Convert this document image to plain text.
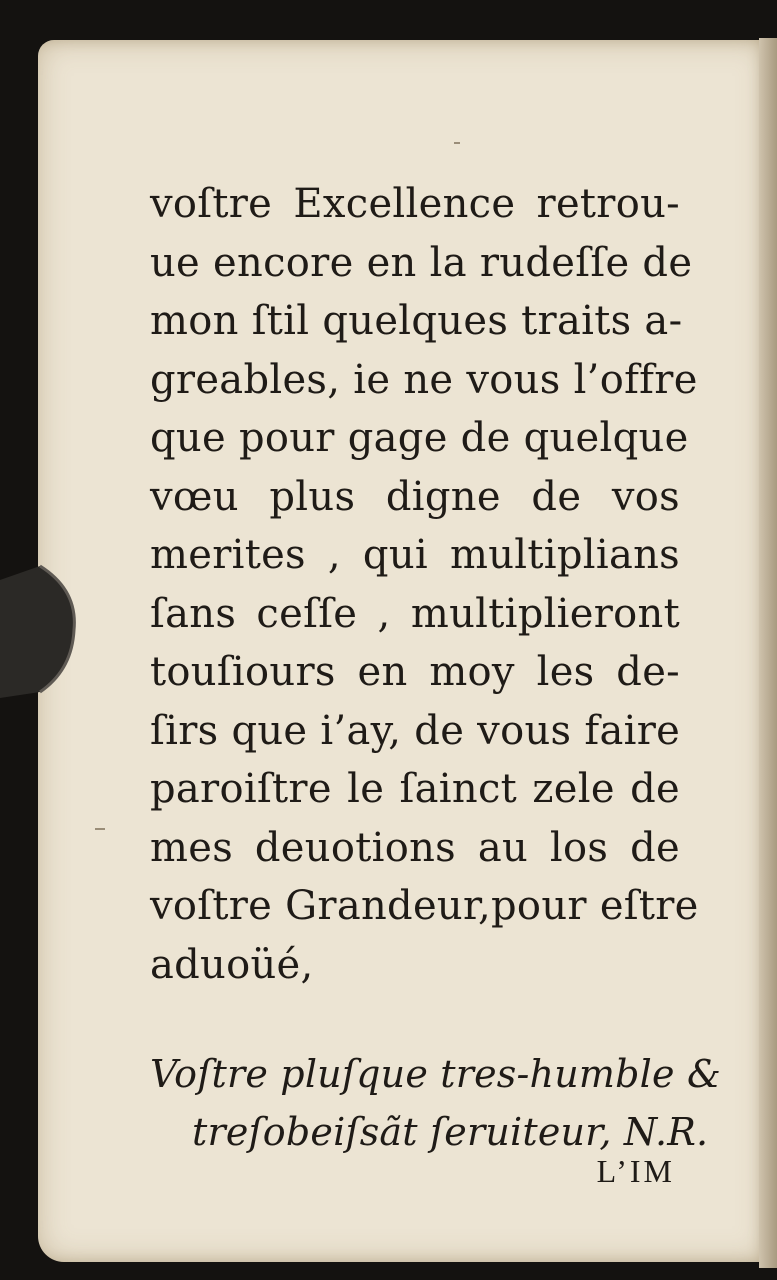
voſtre Excellence retrou-
ue encore en la rudeſſe de
mon ſtil quelques traits a-
greables, ie ne vous l’offre
que pour gage de quelque
vœu plus digne de vos
merites , qui multiplians
ſans ceſſe , multiplieront
touſiours en moy les de-
ſirs que i’ay, de vous faire
paroiſtre le ſainct zele de
mes deuotions au los de
voſtre Grandeur,pour eſtre
aduoüé,
Voſtre pluſque tres-humble &
treſobeiſsãt ſeruiteur, N.R.
L’IM
